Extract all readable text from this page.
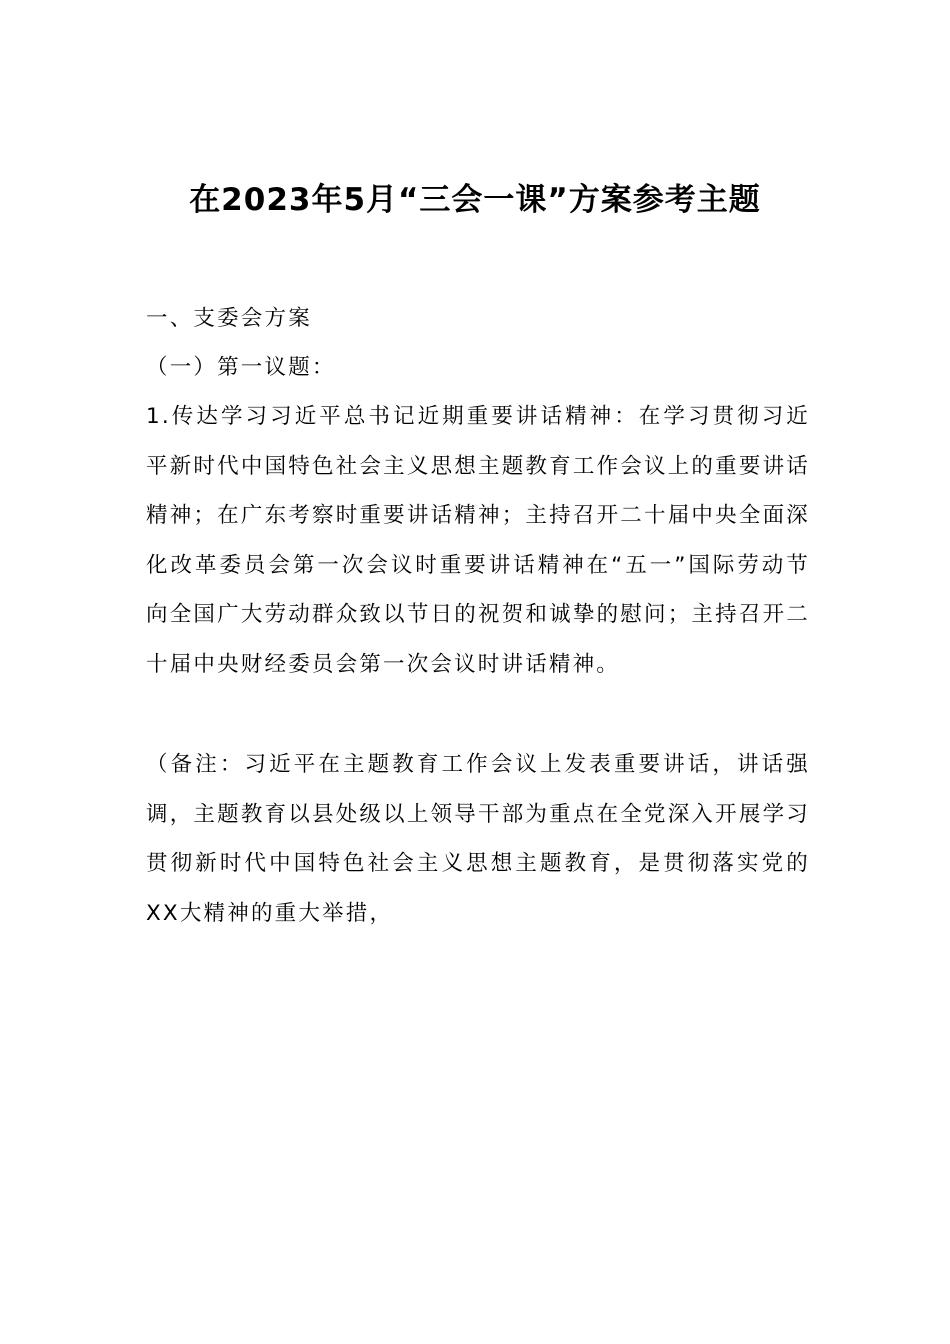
在2023年5月“三会一课”方案参考主题

一、支委会方案

（一）第一议题：

1.传达学习习近平总书记近期重要讲话精神：在学习贯彻习近平新时代中国特色社会主义思想主题教育工作会议上的重要讲话精神；在广东考察时重要讲话精神；主持召开二十届中央全面深化改革委员会第一次会议时重要讲话精神在“五一”国际劳动节向全国广大劳动群众致以节日的祝贺和诚挚的慰问；主持召开二十届中央财经委员会第一次会议时讲话精神。

（备注：习近平在主题教育工作会议上发表重要讲话，讲话强调，主题教育以县处级以上领导干部为重点在全党深入开展学习贯彻新时代中国特色社会主义思想主题教育，是贯彻落实党的XX大精神的重大举措，
